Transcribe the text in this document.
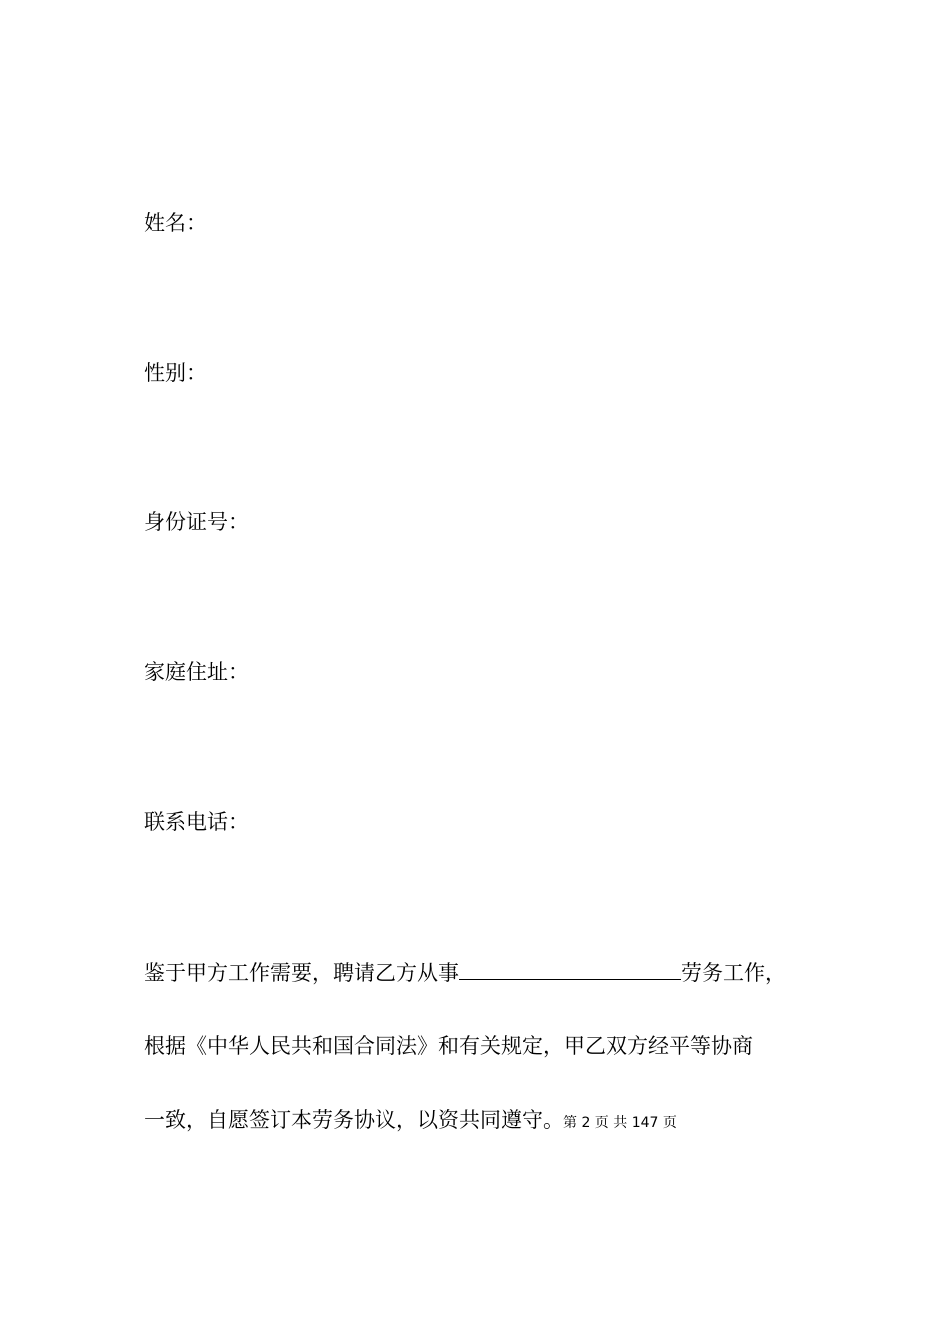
姓名：
性别：
身份证号：
家庭住址：
联系电话：
鉴于甲方工作需要，聘请乙方从事	劳务工作，
根据《中华人民共和国合同法》和有关规定，甲乙双方经平等协商
一致，自愿签订本劳务协议，以资共同遵守。 第 2 页 共 147 页
